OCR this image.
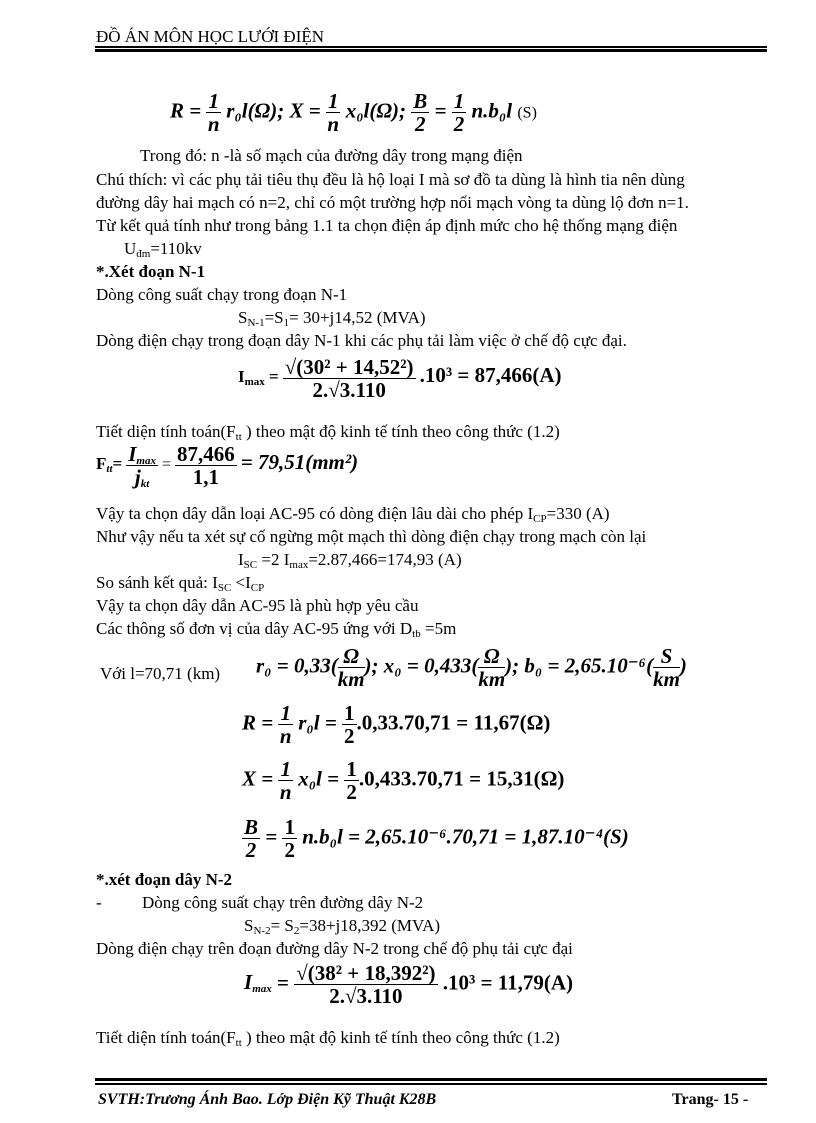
ĐỒ ÁN MÔN HỌC LƯỚI ĐIỆN
$R = \frac{1}{n} r_0l(\Omega)$; $X = \frac{1}{n} x_0l(\Omega)$; $\frac{B}{2} = \frac{1}{2} n.b_0l$ (S)
Trong đó: n -là số mạch của đường dây trong mạng điện
Chú thích: vì các phụ tải tiêu thụ đều là hộ loại I mà sơ đồ ta dùng là hình tia nên dùng
đường dây hai mạch có n=2, chỉ có một trường hợp nối mạch vòng ta dùng lộ đơn n=1.
Từ kết quả tính như trong bảng 1.1 ta chọn điện áp định mức cho hệ thống mạng điện
$U_{đm}=110kv$
*.Xét đoạn N-1
Dòng công suất chạy trong đoạn N-1
$S_{N-1}=S_1= 30+j14,52$ (MVA)
Dòng điện chạy trong đoạn dây N-1 khi các phụ tải làm việc ở chế độ cực đại.
$I_{max} = \frac{\text{√(30² + 14,52²)}}{2.√3.110} .10^3 = 87,466(A)$
Tiết diện tính $toán(F_{tt}$ ) theo mật độ kinh tế tính theo công thức (1.2)
$F_{tt}= \frac{I_{max}}{j_{kt}} = \frac{87,466}{1,1} = 79,51(mm^2)$
Vậy ta chọn dây dẫn loại AC-95 có dòng điện lâu dài cho phép $I_{CP}=330$ (A)
Như vậy nếu ta xét sự cố ngừng một mạch thì dòng điện chạy trong mạch còn lại
$I_{SC} =2$ $I_{max}=2.87,466=174,93$ (A)
So sánh kết quả: $I_{SC} <I_{CP}$
Vậy ta chọn dây dẫn AC-95 là phù hợp yêu cầu
Các thông số đơn vị của dây AC-95 ứng với $D_{tb} =5m$
Với l=70,71 (km) $r_0 = 0,33( \frac{\Omega}{km}$ ); $x_0 = 0,433( \frac{\Omega}{km}$ ); $b_0 = 2,65.10^{-6}( \frac{S}{km}$ )
$R = \frac{1}{n} r_0l = \frac{1}{2} .0,33.70,71 = 11,67(\Omega)$
$X = \frac{1}{n} x_0l = \frac{1}{2} .0,433.70,71 = 15,31(\Omega)$
$\frac{B}{2} = \frac{1}{2} n.b_0l = 2,65.10^{-6}.70,71 = 1,87.10^{-4}(S)$
*.xét đoạn dây N-2
- Dòng công suất chạy trên đường dây N-2
$S_{N-2}= S_2=38+j18,392$ (MVA)
Dòng điện chạy trên đoạn đường dây N-2 trong chế độ phụ tải cực đại
$I_{max} = \frac{\text{√(38² + 18,392²)}}{2.√3.110} .10^3 = 11,79(A)$
Tiết diện tính $toán(F_{tt}$ ) theo mật độ kinh tế tính theo công thức (1.2)
SVTH:Trương Ánh Bao. Lớp Điện Kỹ Thuật K28B	Trang- 15 -
